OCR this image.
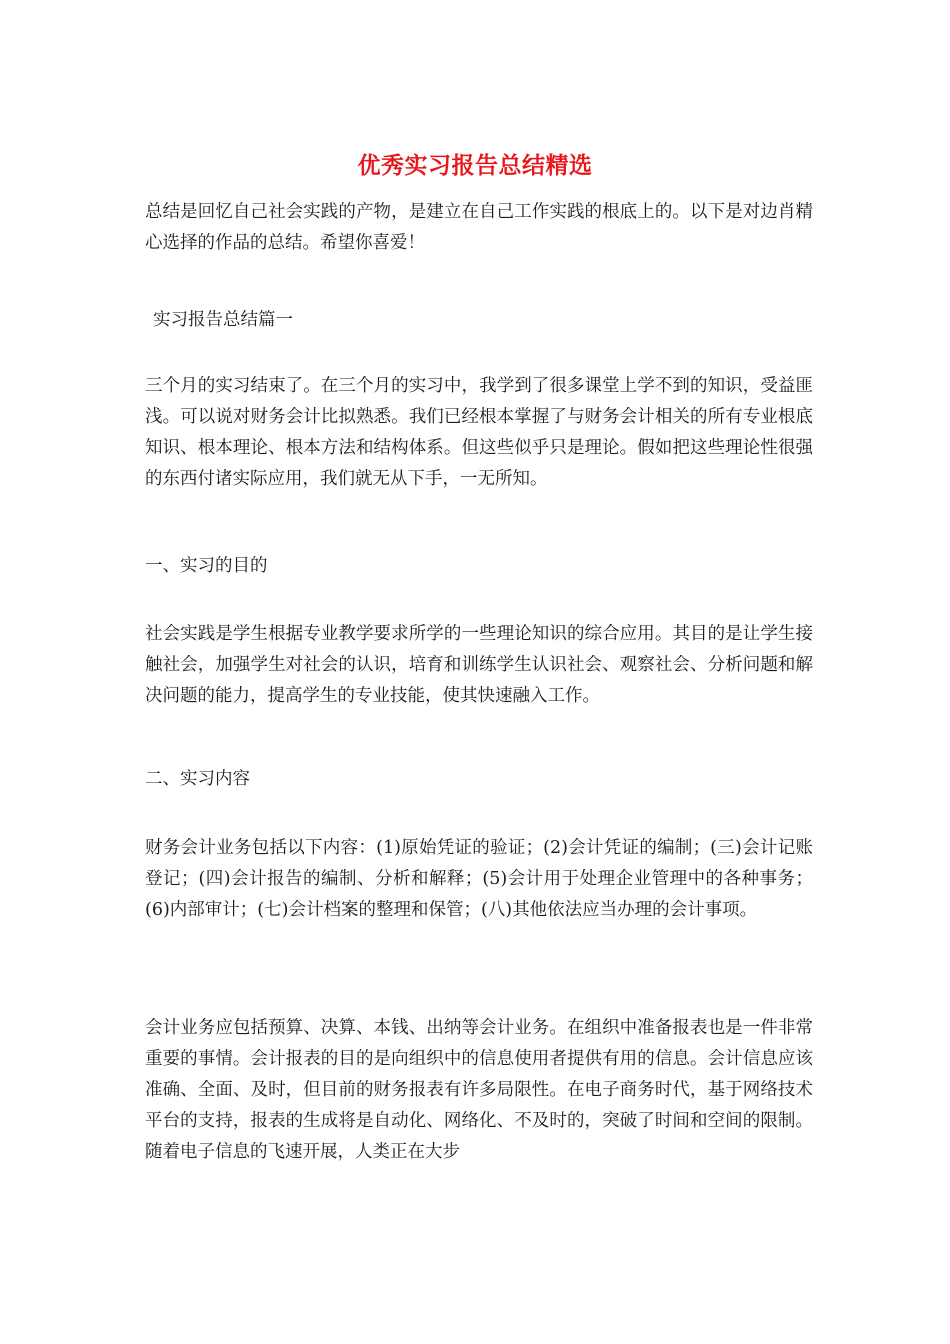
优秀实习报告总结精选

总结是回忆自己社会实践的产物，是建立在自己工作实践的根底上的。以下是对边肖精心选择的作品的总结。希望你喜爱！

实习报告总结篇一

三个月的实习结束了。在三个月的实习中，我学到了很多课堂上学不到的知识，受益匪浅。可以说对财务会计比拟熟悉。我们已经根本掌握了与财务会计相关的所有专业根底知识、根本理论、根本方法和结构体系。但这些似乎只是理论。假如把这些理论性很强的东西付诸实际应用，我们就无从下手，一无所知。

一、实习的目的

社会实践是学生根据专业教学要求所学的一些理论知识的综合应用。其目的是让学生接触社会，加强学生对社会的认识，培育和训练学生认识社会、观察社会、分析问题和解决问题的能力，提高学生的专业技能，使其快速融入工作。

二、实习内容

财务会计业务包括以下内容：(1)原始凭证的验证；(2)会计凭证的编制；(三)会计记账登记；(四)会计报告的编制、分析和解释；(5)会计用于处理企业管理中的各种事务；(6)内部审计；(七)会计档案的整理和保管；(八)其他依法应当办理的会计事项。

会计业务应包括预算、决算、本钱、出纳等会计业务。在组织中准备报表也是一件非常重要的事情。会计报表的目的是向组织中的信息使用者提供有用的信息。会计信息应该准确、全面、及时，但目前的财务报表有许多局限性。在电子商务时代，基于网络技术平台的支持，报表的生成将是自动化、网络化、不及时的，突破了时间和空间的限制。随着电子信息的飞速开展，人类正在大步
